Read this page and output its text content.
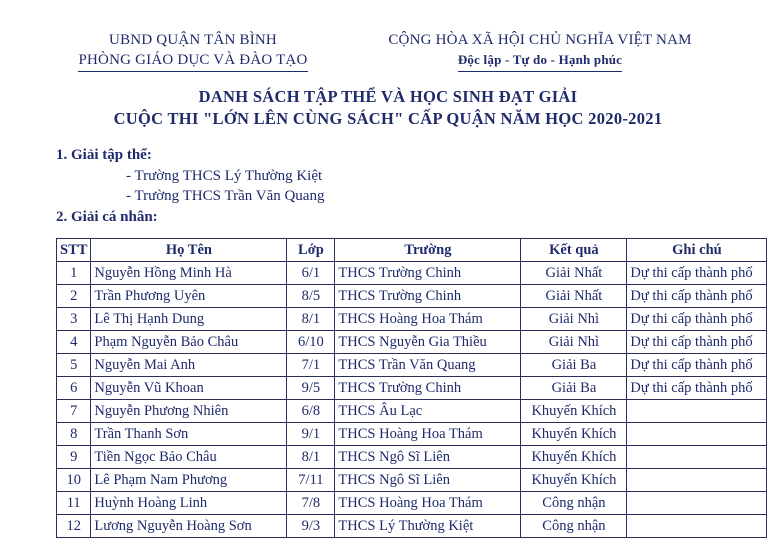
UBND QUẬN TÂN BÌNH
PHÒNG GIÁO DỤC VÀ ĐÀO TẠO
CỘNG HÒA XÃ HỘI CHỦ NGHĨA VIỆT NAM
Độc lập - Tự do - Hạnh phúc
DANH SÁCH TẬP THỂ VÀ HỌC SINH ĐẠT GIẢI
CUỘC THI "LỚN LÊN CÙNG SÁCH" CẤP QUẬN NĂM HỌC 2020-2021
1. Giải tập thể:
- Trường THCS Lý Thường Kiệt
- Trường THCS Trần Văn Quang
2. Giải cá nhân:
STT	Họ Tên	Lớp	Trường	Kết quả	Ghi chú
1	Nguyễn Hồng Minh Hà	6/1	THCS Trường Chinh	Giải Nhất	Dự thi cấp thành phố
2	Trần Phương Uyên	8/5	THCS Trường Chinh	Giải Nhất	Dự thi cấp thành phố
3	Lê Thị Hạnh Dung	8/1	THCS Hoàng Hoa Thám	Giải Nhì	Dự thi cấp thành phố
4	Phạm Nguyễn Bảo Châu	6/10	THCS Nguyễn Gia Thiều	Giải Nhì	Dự thi cấp thành phố
5	Nguyễn Mai Anh	7/1	THCS Trần Văn Quang	Giải Ba	Dự thi cấp thành phố
6	Nguyễn Vũ Khoan	9/5	THCS Trường Chinh	Giải Ba	Dự thi cấp thành phố
7	Nguyễn Phương Nhiên	6/8	THCS Âu Lạc	Khuyến Khích	
8	Trần Thanh Sơn	9/1	THCS Hoàng Hoa Thám	Khuyến Khích	
9	Tiền Ngọc Bảo Châu	8/1	THCS Ngô Sĩ Liên	Khuyến Khích	
10	Lê Phạm Nam Phương	7/11	THCS Ngô Sĩ Liên	Khuyến Khích	
11	Huỳnh Hoàng Linh	7/8	THCS Hoàng Hoa Thám	Công nhận	
12	Lương Nguyễn Hoàng Sơn	9/3	THCS Lý Thường Kiệt	Công nhận	
